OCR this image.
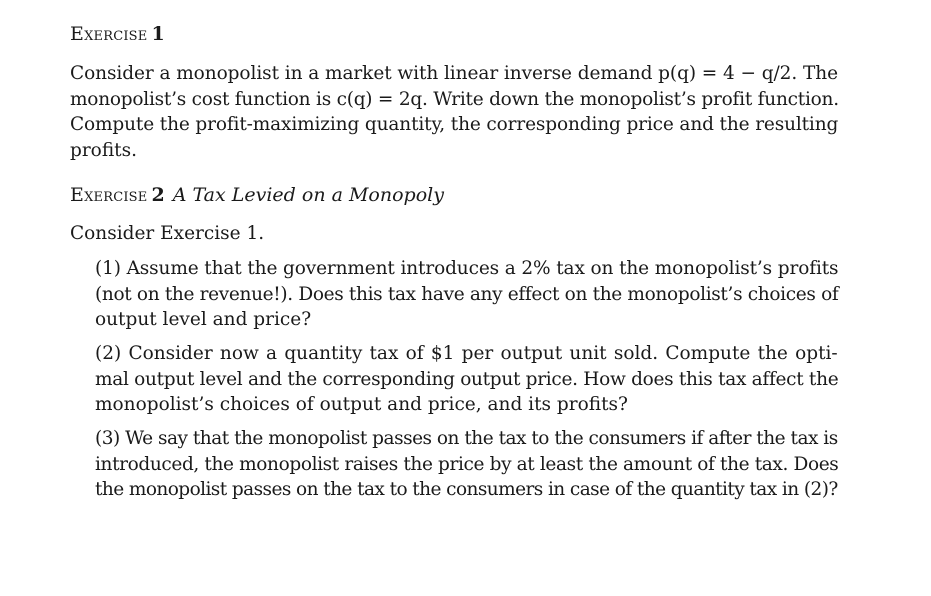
Exercise 1

Consider a monopolist in a market with linear inverse demand p(q) = 4 − q/2. The
monopolist’s cost function is c(q) = 2q. Write down the monopolist’s profit function.
Compute the profit-maximizing quantity, the corresponding price and the resulting
profits.

Exercise 2 A Tax Levied on a Monopoly

Consider Exercise 1.

(1) Assume that the government introduces a 2% tax on the monopolist’s profits
(not on the revenue!). Does this tax have any effect on the monopolist’s choices of
output level and price?

(2) Consider now a quantity tax of $1 per output unit sold. Compute the opti-
mal output level and the corresponding output price. How does this tax affect the
monopolist’s choices of output and price, and its profits?

(3) We say that the monopolist passes on the tax to the consumers if after the tax is
introduced, the monopolist raises the price by at least the amount of the tax. Does
the monopolist passes on the tax to the consumers in case of the quantity tax in (2)?
